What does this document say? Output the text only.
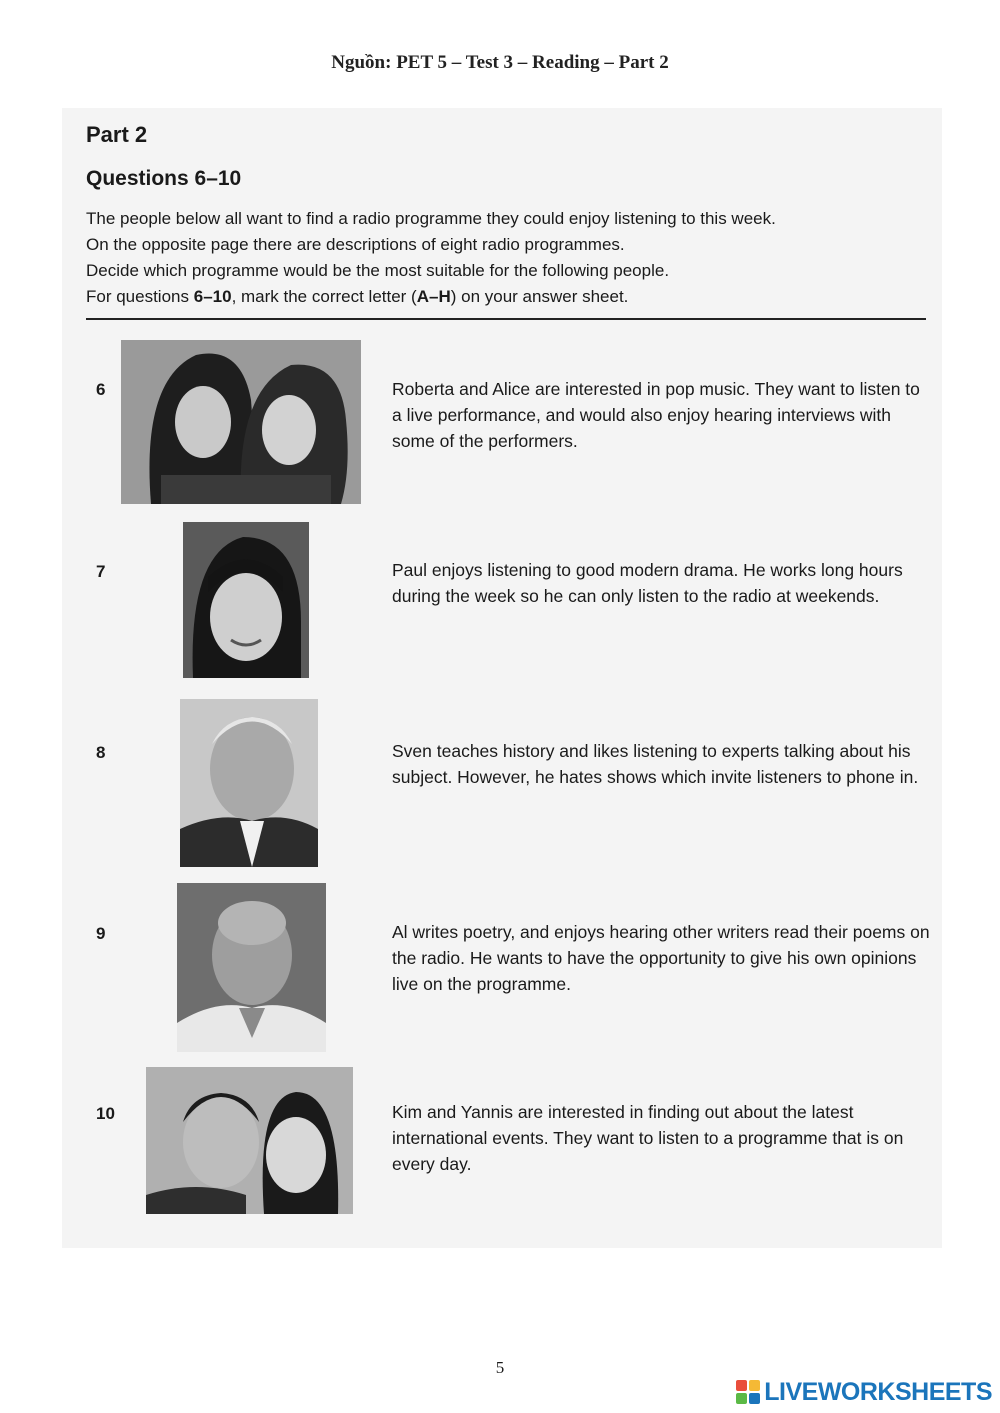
Nguồn: PET 5 – Test 3 – Reading – Part 2
Part 2
Questions 6–10

The people below all want to find a radio programme they could enjoy listening to this week.

On the opposite page there are descriptions of eight radio programmes.

Decide which programme would be the most suitable for the following people.

For questions 6–10, mark the correct letter (A–H) on your answer sheet.

6	Roberta and Alice are interested in pop music. They want to listen to a live performance, and would also enjoy hearing interviews with some of the performers.

7	Paul enjoys listening to good modern drama. He works long hours during the week so he can only listen to the radio at weekends.

8	Sven teaches history and likes listening to experts talking about his subject. However, he hates shows which invite listeners to phone in.

9	Al writes poetry, and enjoys hearing other writers read their poems on the radio. He wants to have the opportunity to give his own opinions live on the programme.

10	Kim and Yannis are interested in finding out about the latest international events. They want to listen to a programme that is on every day.

5
LIVEWORKSHEETS
